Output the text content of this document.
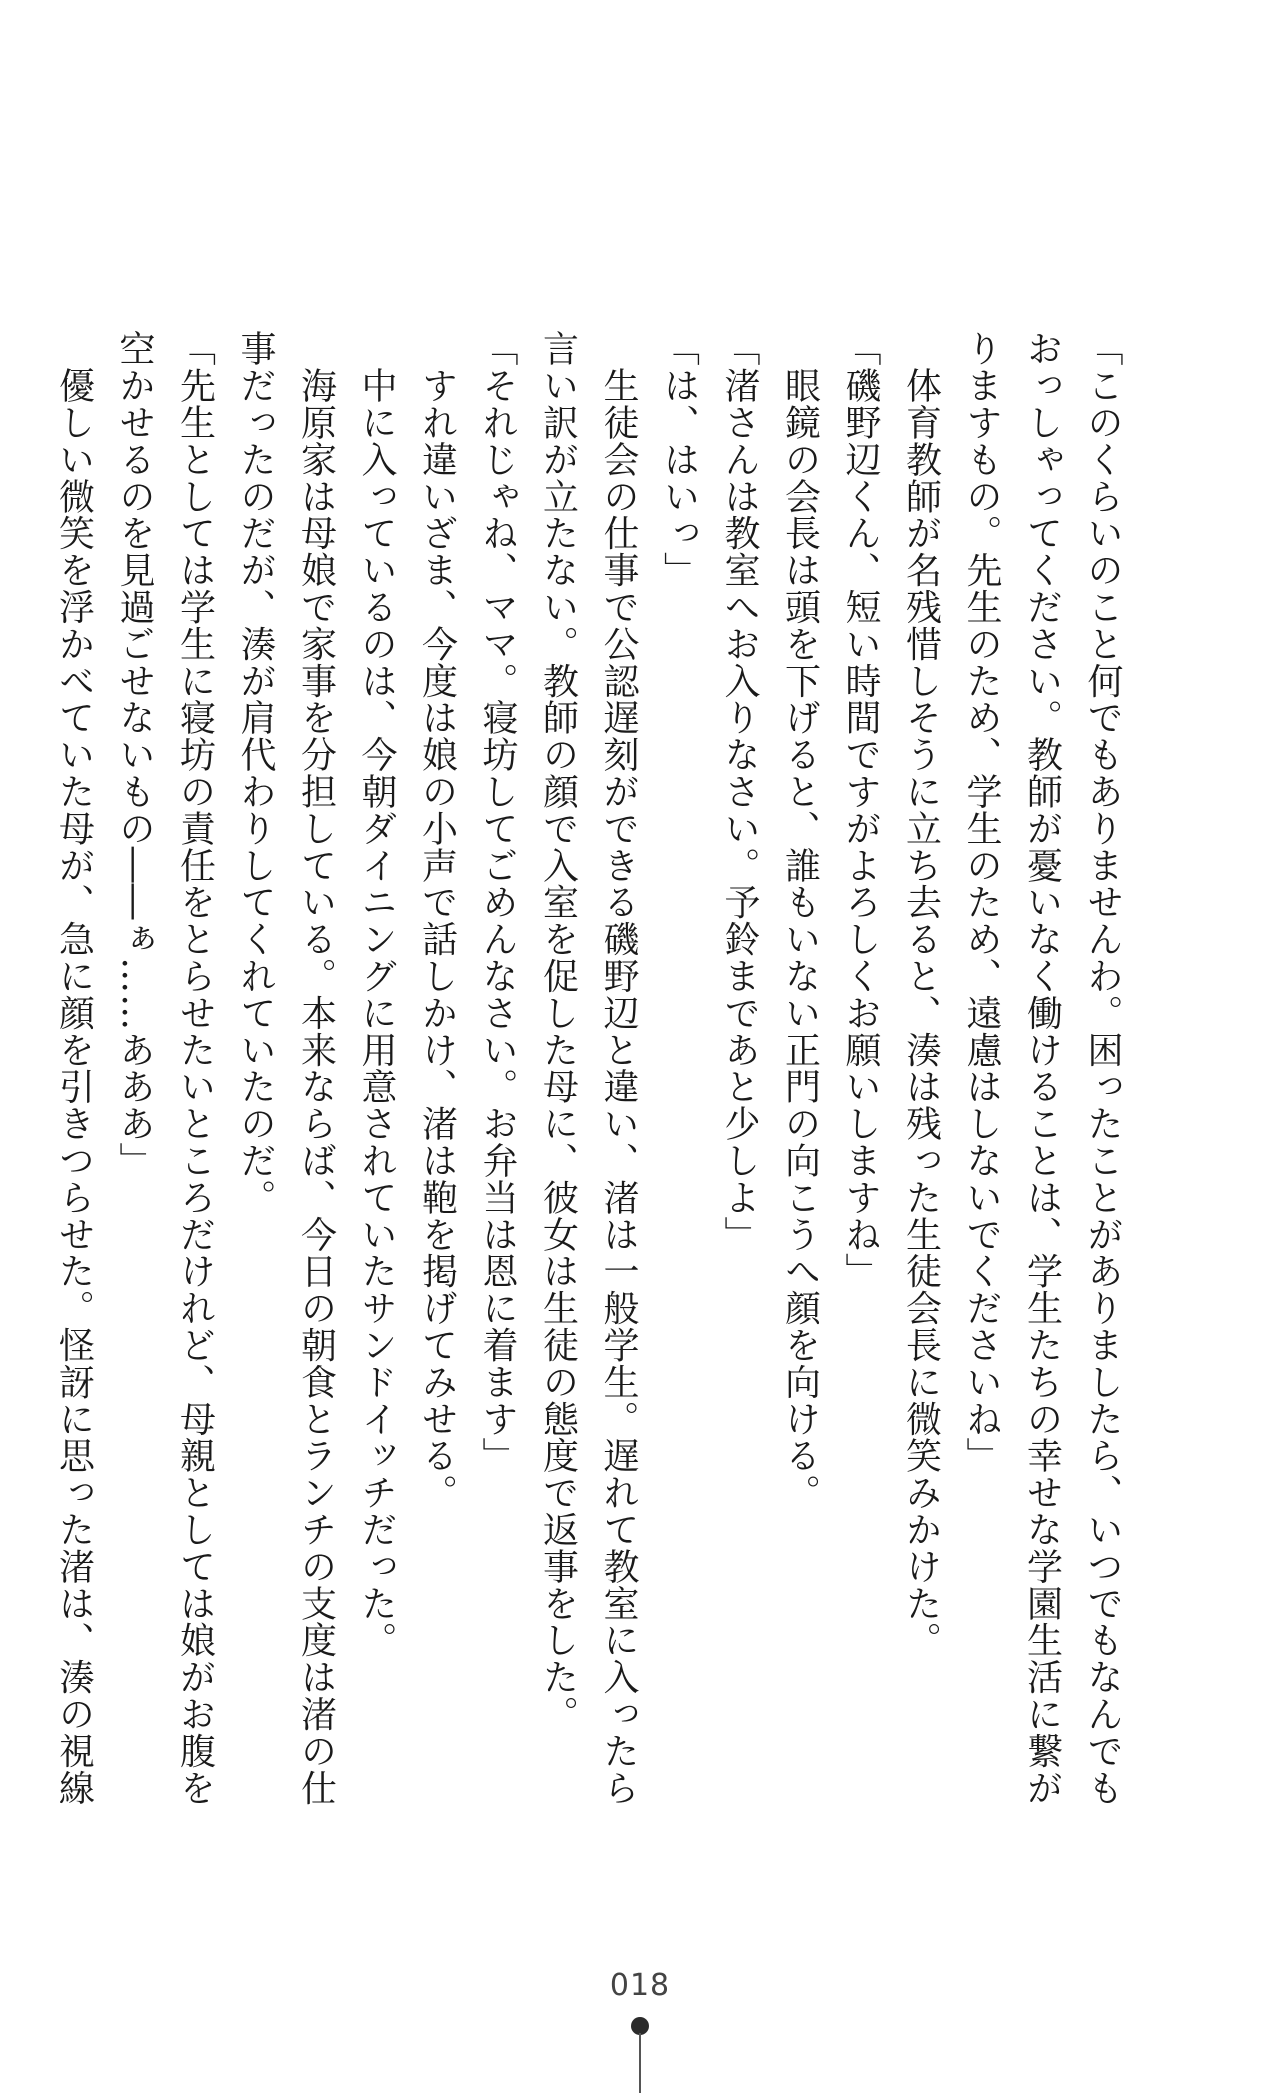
「このくらいのこと何でもありませんわ。困ったことがありましたら、いつでもなんでも
おっしゃってください。教師が憂いなく働けることは、学生たちの幸せな学園生活に繋が
りますもの。先生のため、学生のため、遠慮はしないでくださいね」
　体育教師が名残惜しそうに立ち去ると、湊は残った生徒会長に微笑みかけた。
「磯野辺くん、短い時間ですがよろしくお願いしますね」
　眼鏡の会長は頭を下げると、誰もいない正門の向こうへ顔を向ける。
「渚さんは教室へお入りなさい。予鈴まであと少しよ」
「は、はいっ」
　生徒会の仕事で公認遅刻ができる磯野辺と違い、渚は一般学生。遅れて教室に入ったら
言い訳が立たない。教師の顔で入室を促した母に、彼女は生徒の態度で返事をした。
「それじゃね、ママ。寝坊してごめんなさい。お弁当は恩に着ます」
　すれ違いざま、今度は娘の小声で話しかけ、渚は鞄を掲げてみせる。
　中に入っているのは、今朝ダイニングに用意されていたサンドイッチだった。
　海原家は母娘で家事を分担している。本来ならば、今日の朝食とランチの支度は渚の仕
事だったのだが、湊が肩代わりしてくれていたのだ。
「先生としては学生に寝坊の責任をとらせたいところだけれど、母親としては娘がお腹を
空かせるのを見過ごせないもの――ぁ……あああ」
　優しい微笑を浮かべていた母が、急に顔を引きつらせた。怪訝に思った渚は、湊の視線
018
